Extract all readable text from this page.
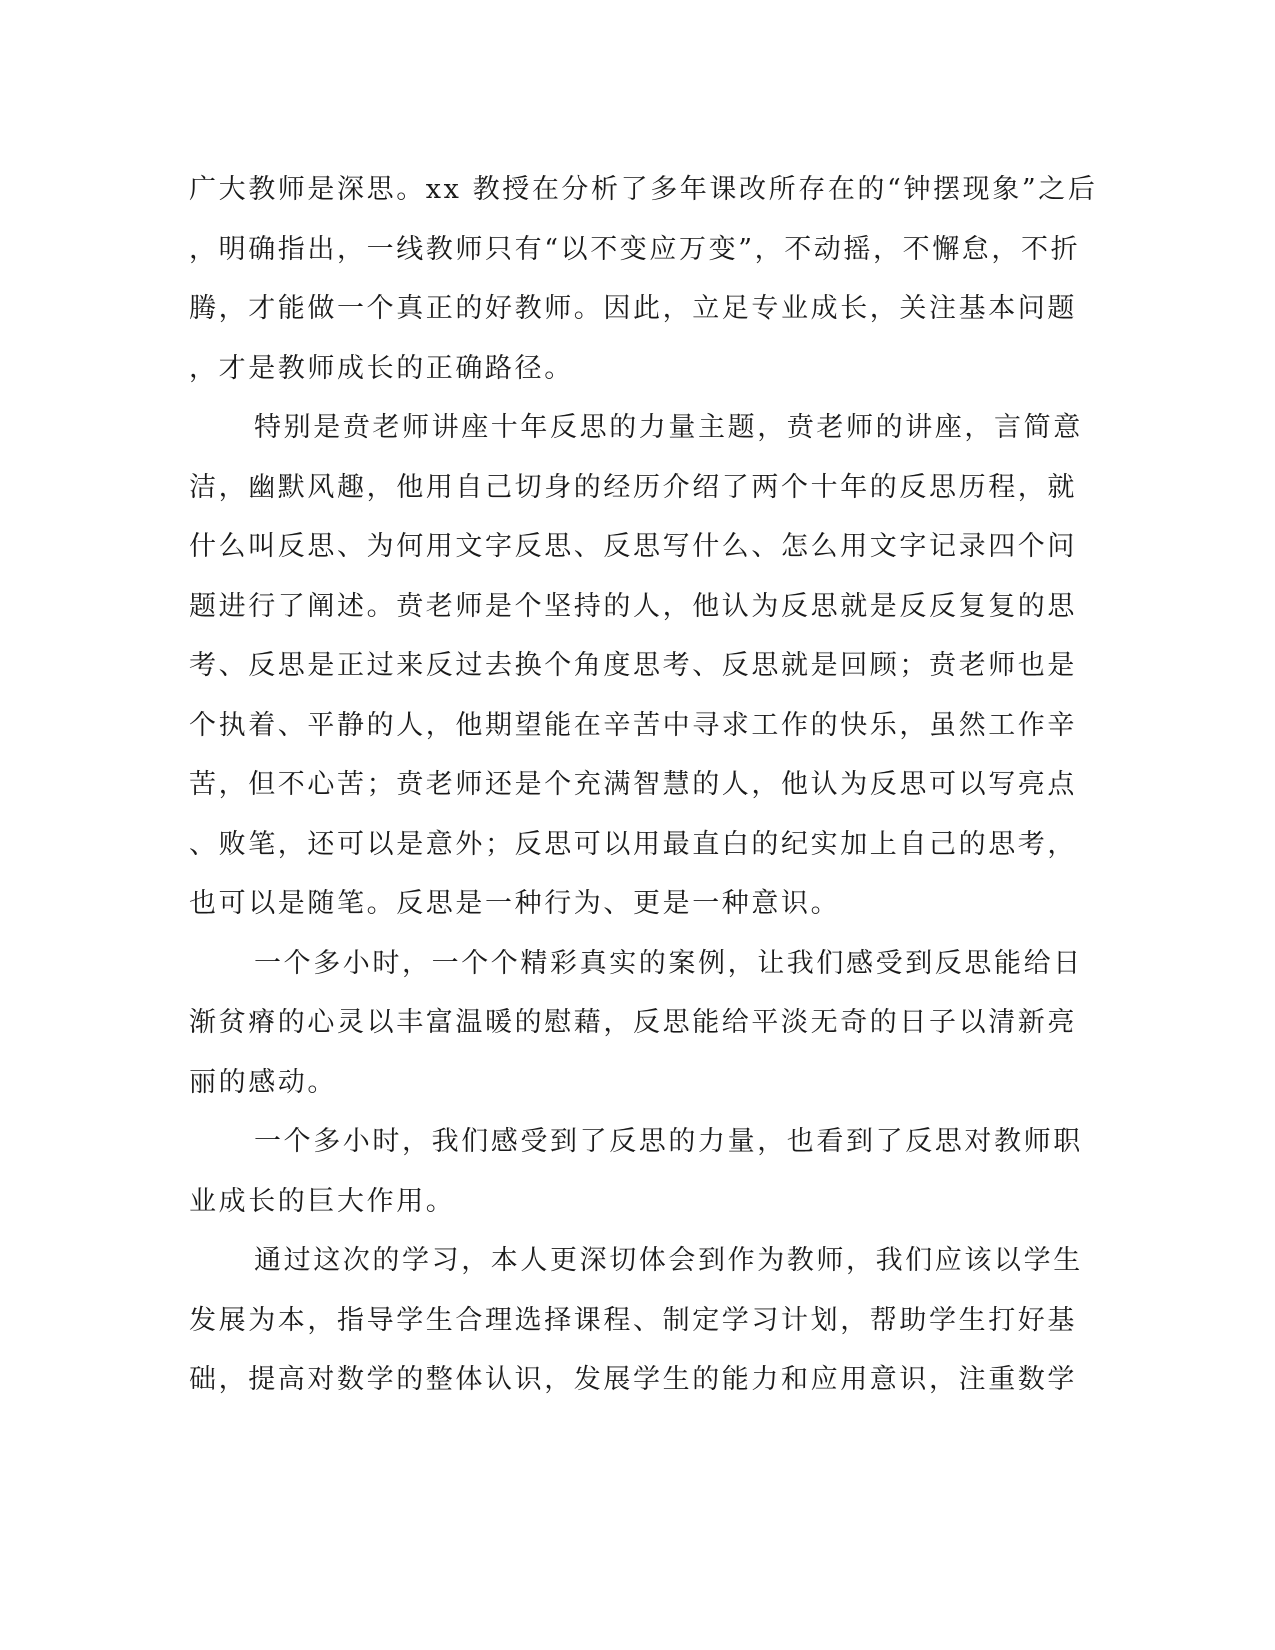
广大教师是深思。xx 教授在分析了多年课改所存在的“钟摆现象”之后
，明确指出，一线教师只有“以不变应万变”，不动摇，不懈怠，不折
腾，才能做一个真正的好教师。因此，立足专业成长，关注基本问题
，才是教师成长的正确路径。
特别是贲老师讲座十年反思的力量主题，贲老师的讲座，言简意
洁，幽默风趣，他用自己切身的经历介绍了两个十年的反思历程，就
什么叫反思、为何用文字反思、反思写什么、怎么用文字记录四个问
题进行了阐述。贲老师是个坚持的人，他认为反思就是反反复复的思
考、反思是正过来反过去换个角度思考、反思就是回顾；贲老师也是
个执着、平静的人，他期望能在辛苦中寻求工作的快乐，虽然工作辛
苦，但不心苦；贲老师还是个充满智慧的人，他认为反思可以写亮点
、败笔，还可以是意外；反思可以用最直白的纪实加上自己的思考，
也可以是随笔。反思是一种行为、更是一种意识。
一个多小时，一个个精彩真实的案例，让我们感受到反思能给日
渐贫瘠的心灵以丰富温暖的慰藉，反思能给平淡无奇的日子以清新亮
丽的感动。
一个多小时，我们感受到了反思的力量，也看到了反思对教师职
业成长的巨大作用。
通过这次的学习，本人更深切体会到作为教师，我们应该以学生
发展为本，指导学生合理选择课程、制定学习计划，帮助学生打好基
础，提高对数学的整体认识，发展学生的能力和应用意识，注重数学
